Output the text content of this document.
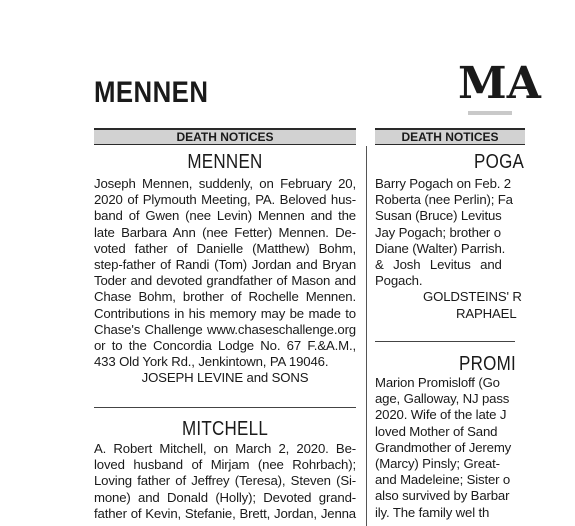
MENNEN	MA
DEATH NOTICES	DEATH NOTICES
MENNEN
Joseph Mennen, suddenly, on February 20,
2020 of Plymouth Meeting, PA. Beloved hus-
band of Gwen (nee Levin) Mennen and the
late Barbara Ann (nee Fetter) Mennen. De-
voted father of Danielle (Matthew) Bohm,
step-father of Randi (Tom) Jordan and Bryan
Toder and devoted grandfather of Mason and
Chase Bohm, brother of Rochelle Mennen.
Contributions in his memory may be made to
Chase's Challenge www.chaseschallenge.org
or to the Concordia Lodge No. 67 F.&A.M.,
433 Old York Rd., Jenkintown, PA 19046.
JOSEPH LEVINE and SONS
MITCHELL
A. Robert Mitchell, on March 2, 2020. Be-
loved husband of Mirjam (nee Rohrbach);
Loving father of Jeffrey (Teresa), Steven (Si-
mone) and Donald (Holly); Devoted grand-
father of Kevin, Stefanie, Brett, Jordan, Jenna
POGA
Barry Pogach on Feb. 2
Roberta (nee Perlin); Fa
Susan (Bruce) Levitus
Jay Pogach; brother o
Diane (Walter) Parrish.
& Josh Levitus and
Pogach.
GOLDSTEINS' R
RAPHAEL
PROMI
Marion Promisloff (Go
age, Galloway, NJ pass
2020. Wife of the late J
loved Mother of Sand
Grandmother of Jeremy
(Marcy) Pinsly; Great-
and Madeleine; Sister o
also survived by Barbar
ily. The family wel th
